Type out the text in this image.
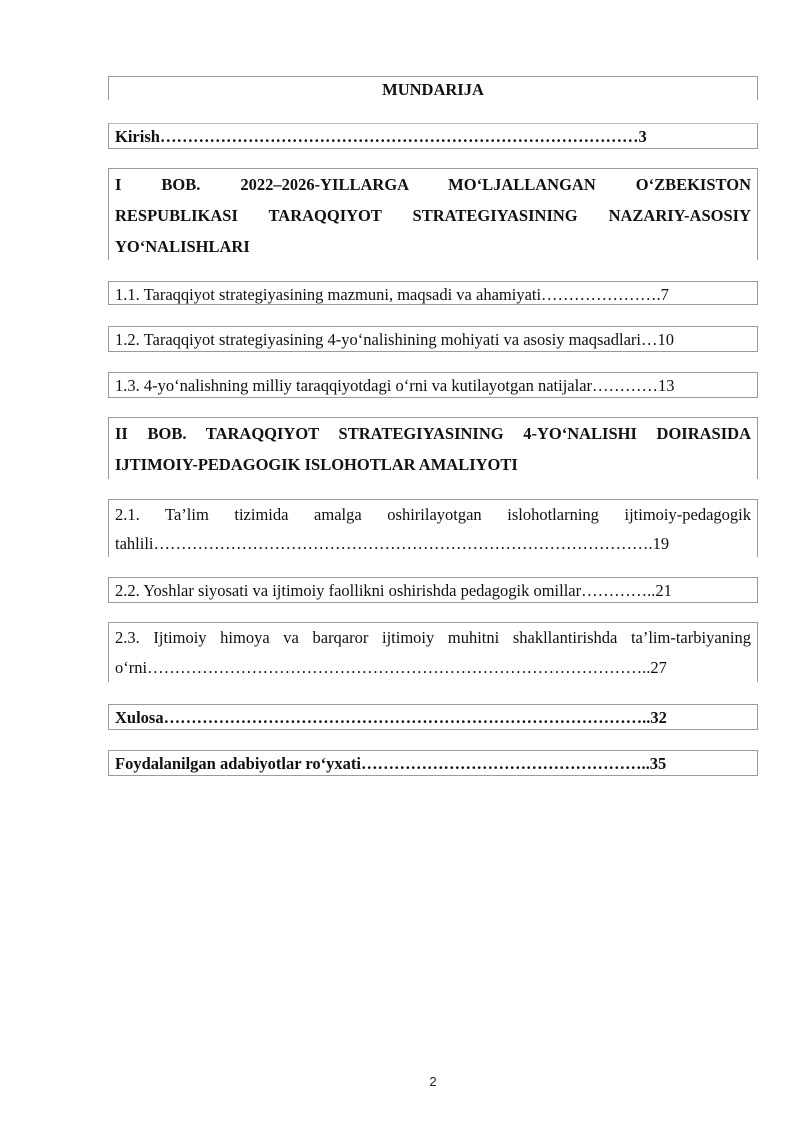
MUNDARIJA
Kirish……………………………………………………………………………3
I BOB. 2022–2026-YILLARGA MO‘LJALLANGAN O‘ZBEKISTON
RESPUBLIKASI TARAQQIYOT STRATEGIYASINING NAZARIY-ASOSIY
YO‘NALISHLARI
1.1. Taraqqiyot strategiyasining mazmuni, maqsadi va ahamiyati………………….7
1.2. Taraqqiyot strategiyasining 4-yo‘nalishining mohiyati va asosiy maqsadlari…10
1.3. 4-yo‘nalishning milliy taraqqiyotdagi o‘rni va kutilayotgan natijalar…………13
II BOB. TARAQQIYOT STRATEGIYASINING 4-YO‘NALISHI DOIRASIDA
IJTIMOIY-PEDAGOGIK ISLOHOTLAR AMALIYOTI
2.1. Ta’lim tizimida amalga oshirilayotgan islohotlarning ijtimoiy-pedagogik
tahlili……………………………………………………………………………….19
2.2. Yoshlar siyosati va ijtimoiy faollikni oshirishda pedagogik omillar…………..21
2.3. Ijtimoiy himoya va barqaror ijtimoiy muhitni shakllantirishda ta’lim-tarbiyaning
o‘rni………………………………………………………………………………..27
Xulosa……………………………………………………………………………..32
Foydalanilgan adabiyotlar ro‘yxati……………………………………………..35
2
